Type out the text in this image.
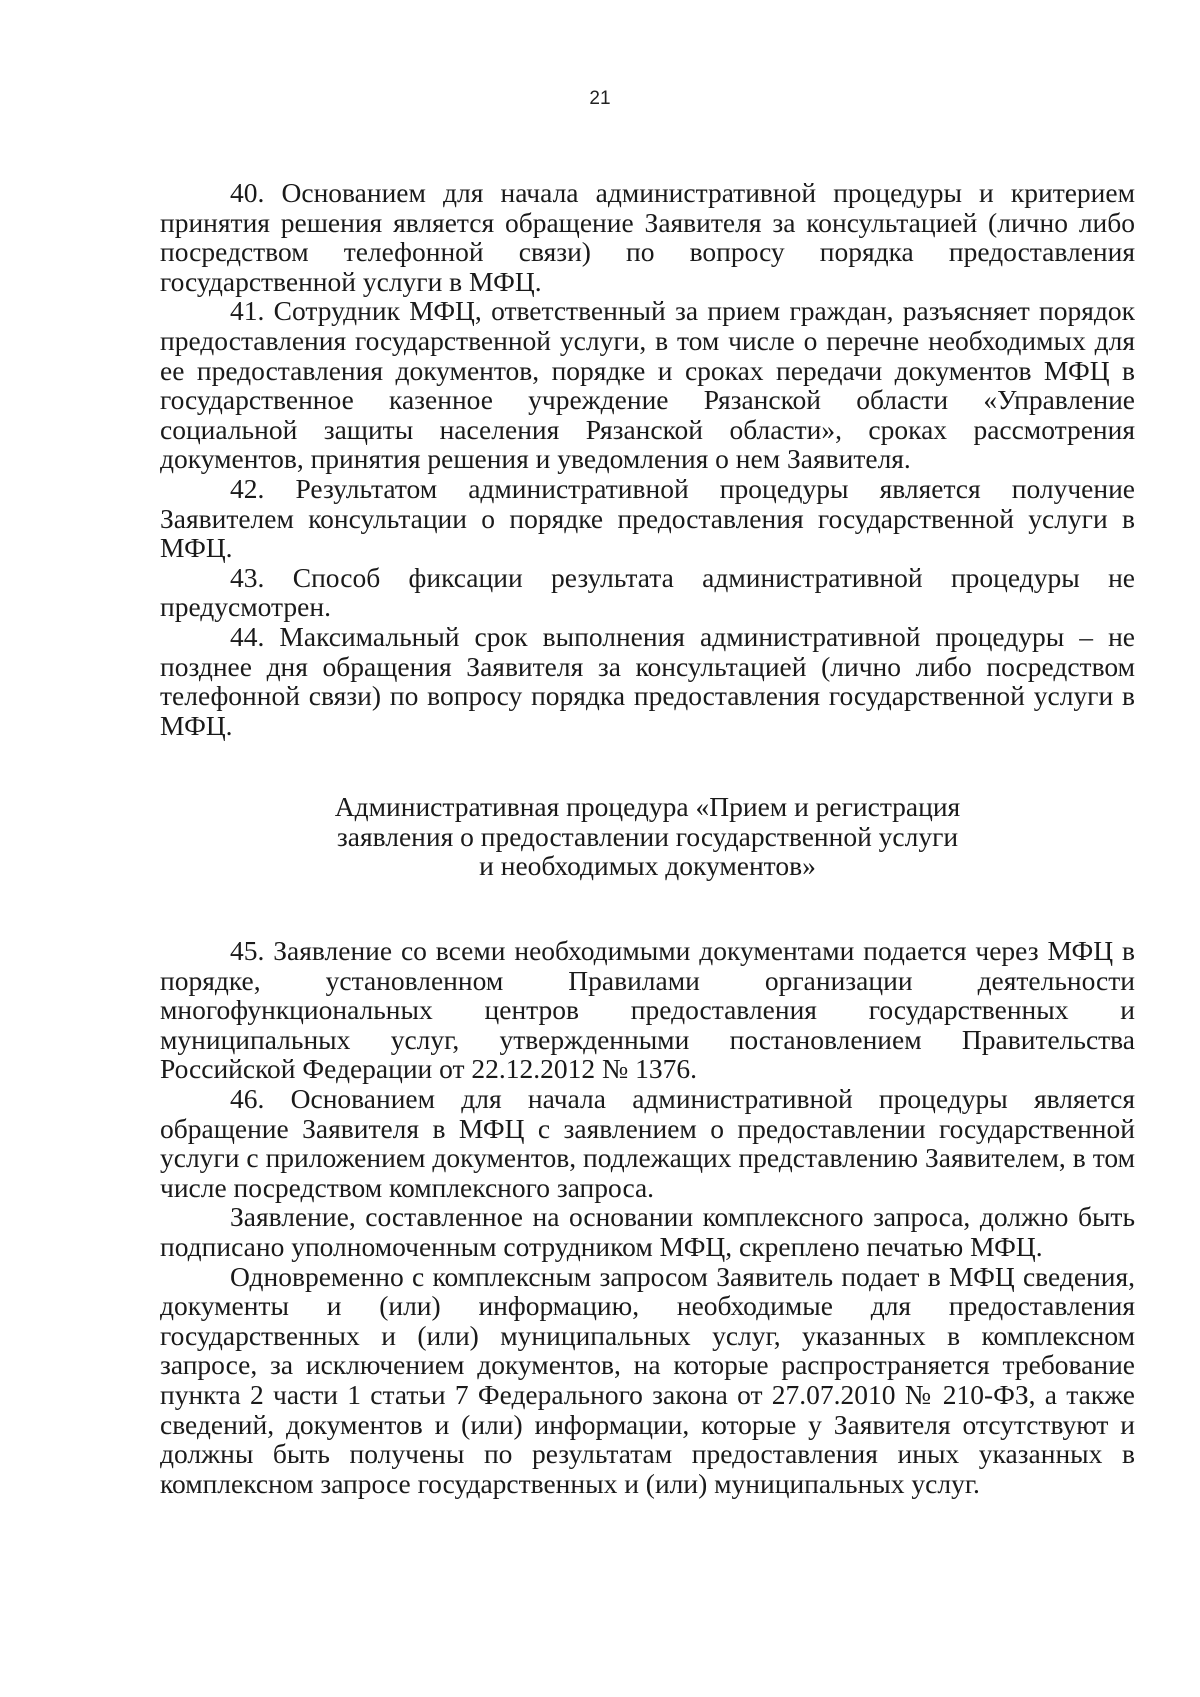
21

40. Основанием для начала административной процедуры и критерием принятия решения является обращение Заявителя за консультацией (лично либо посредством телефонной связи) по вопросу порядка предоставления государственной услуги в МФЦ.

41. Сотрудник МФЦ, ответственный за прием граждан, разъясняет порядок предоставления государственной услуги, в том числе о перечне необходимых для ее предоставления документов, порядке и сроках передачи документов МФЦ в государственное казенное учреждение Рязанской области «Управление социальной защиты населения Рязанской области», сроках рассмотрения документов, принятия решения и уведомления о нем Заявителя.

42. Результатом административной процедуры является получение Заявителем консультации о порядке предоставления государственной услуги в МФЦ.

43. Способ фиксации результата административной процедуры не предусмотрен.

44. Максимальный срок выполнения административной процедуры – не позднее дня обращения Заявителя за консультацией (лично либо посредством телефонной связи) по вопросу порядка предоставления государственной услуги в МФЦ.

Административная процедура «Прием и регистрация
заявления о предоставлении государственной услуги
и необходимых документов»

45. Заявление со всеми необходимыми документами подается через МФЦ в порядке, установленном Правилами организации деятельности многофункциональных центров предоставления государственных и муниципальных услуг, утвержденными постановлением Правительства Российской Федерации от 22.12.2012 № 1376.

46. Основанием для начала административной процедуры является обращение Заявителя в МФЦ с заявлением о предоставлении государственной услуги с приложением документов, подлежащих представлению Заявителем, в том числе посредством комплексного запроса.

Заявление, составленное на основании комплексного запроса, должно быть подписано уполномоченным сотрудником МФЦ, скреплено печатью МФЦ.

Одновременно с комплексным запросом Заявитель подает в МФЦ сведения, документы и (или) информацию, необходимые для предоставления государственных и (или) муниципальных услуг, указанных в комплексном запросе, за исключением документов, на которые распространяется требование пункта 2 части 1 статьи 7 Федерального закона от 27.07.2010 № 210-ФЗ, а также сведений, документов и (или) информации, которые у Заявителя отсутствуют и должны быть получены по результатам предоставления иных указанных в комплексном запросе государственных и (или) муниципальных услуг.
